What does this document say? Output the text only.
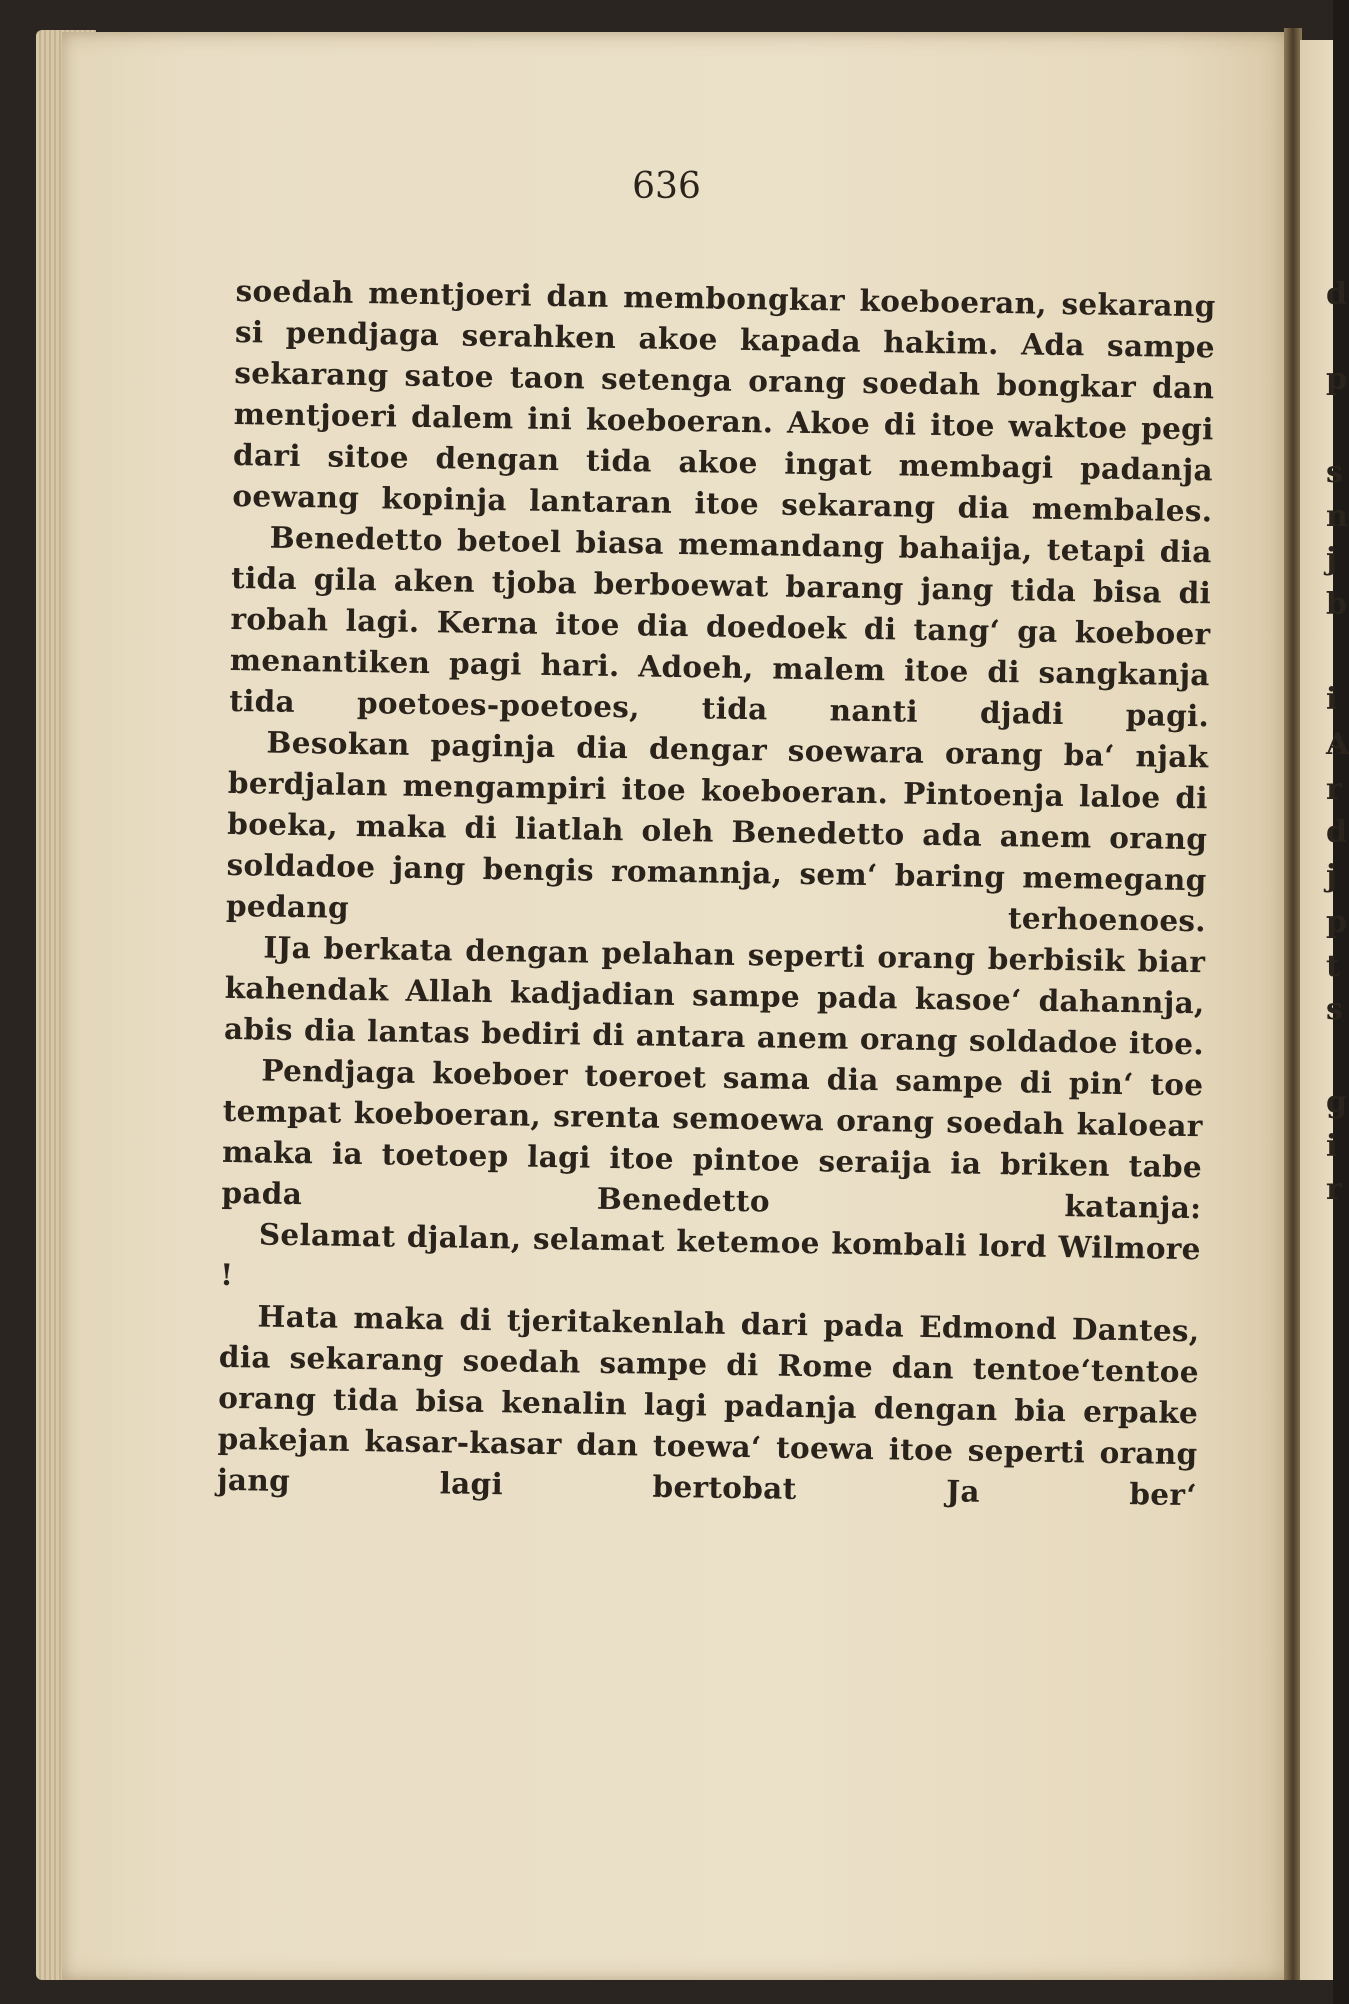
d
p
s
n
j
b
i
A
r
d
j
p
t
s
g
i
r
636

soedah mentjoeri dan membongkar koeboeran, sekarang si pendjaga serahken akoe kapada hakim. Ada sampe sekarang satoe taon setenga orang soedah bongkar dan mentjoeri dalem ini koeboeran. Akoe di itoe waktoe pegi dari sitoe dengan tida akoe ingat membagi padanja oewang kopinja lantaran itoe sekarang dia membales.

Benedetto betoel biasa memandang bahaija, tetapi dia tida gila aken tjoba berboewat barang jang tida bisa di robah lagi. Kerna itoe dia doedoek di tang‘ ga koeboer menantiken pagi hari. Adoeh, malem itoe di sangkanja tida poetoes-poetoes, tida nanti djadi pagi.

Besokan paginja dia dengar soewara orang ba‘ njak berdjalan mengampiri itoe koeboeran. Pintoenja laloe di boeka, maka di liatlah oleh Benedetto ada anem orang soldadoe jang bengis romannja, sem‘ baring memegang pedang terhoenoes.

IJa berkata dengan pelahan seperti orang berbisik biar kahendak Allah kadjadian sampe pada kasoe‘ dahannja, abis dia lantas bediri di antara anem orang soldadoe itoe.

Pendjaga koeboer toeroet sama dia sampe di pin‘ toe tempat koeboeran, srenta semoewa orang soedah kaloear maka ia toetoep lagi itoe pintoe seraija ia briken tabe pada Benedetto katanja:

Selamat djalan, selamat ketemoe kombali lord Wilmore !

Hata maka di tjeritakenlah dari pada Edmond Dantes, dia sekarang soedah sampe di Rome dan tentoe‘tentoe orang tida bisa kenalin lagi padanja dengan bia erpake pakejan kasar-kasar dan toewa‘ toewa itoe seperti orang jang lagi bertobat Ja ber‘
